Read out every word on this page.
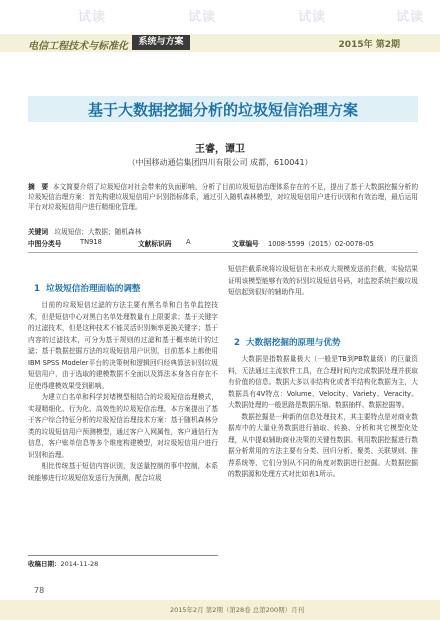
试读	试读	试读	试读
电信工程技术与标准化	系统与方案	2015年 第2期
基于大数据挖掘分析的垃圾短信治理方案
王睿，谭卫
（中国移动通信集团四川有限公司 成都，610041）
摘　要 本文简要介绍了垃圾短信对社会带来的负面影响，分析了目前垃圾短信治理体系存在的不足，提出了基于大数据挖掘分析的垃圾短信治理方案：首先构建垃圾短信用户识别指标体系，通过引入随机森林模型，对垃圾短信用户进行识别和有效治理，最后运用平台对垃圾短信用户进行精细化管理。
关键词 垃圾短信；大数据；随机森林
中图分类号	TN918	文献标识码 A	文章编号 1008-5599（2015）02-0078-05
1 垃圾短信治理面临的调整

目前的垃圾短信过滤的方法主要有黑名单和白名单监控技术，但是短信中心对黑白名单处理数量有上限要求；基于关键字的过滤技术，但是这种技术不能灵活识别频率更换关键字；基于内容的过滤技术，可分为基于规则的过滤和基于概率统计的过滤；基于数据挖掘方法的垃圾短信用户识别，目前基本上都使用IBM SPSS Modeler平台的决策树和逻辑回归经典算法识别垃圾短信用户，由于选取的建模数据不全面以及算法本身各自存在不足使得建模效果受到影响。

为建立白名单和科学封堵模型相结合的垃圾短信治理模式，实现精细化、行为化、高效性的垃圾短信治理，本方案提出了基于客户综合特征分析的垃圾短信治理技术方案：基于随机森林分类的垃圾短信用户预测模型，通过客户入网属性，客户通信行为信息，客户账单信息等多个维度构建模型，对垃圾短信用户进行识别和治理。

相比传统基于短信内容识别，发送量控制的事中控制，本系统能够进行垃圾短信发送行为预测，配合垃圾

收稿日期：2014-11-28
78

短信拦截系统将垃圾短信在未形成大规模发送前拦截，实验结果证明该模型能够有效的识别垃圾短信号码，对监控系统拦截垃圾短信起到很好的辅助作用。

2 大数据挖掘的原理与优势

大数据是指数据量极大（一般是TB到PB数量级）的巨量资料，无法通过主流软件工具，在合理时间内完成数据处理并获取有价值的信息。数据大多以非结构化或者半结构化数据为主，大数据具有4V特点：Volume、Velocity、Variety、Veracity。大数据处理的一般思路是数据压缩、数据抽样、数据挖掘等。

数据挖掘是一种新的信息处理技术，其主要特点是对商业数据库中的大量业务数据进行抽取、转换、分析和其它模型化处理，从中提取辅助商业决策的关键性数据。利用数据挖掘进行数据分析常用的方法主要有分类、回归分析、聚类、关联规则、推荐系统等，它们分别从不同的角度对数据进行挖掘。大数据挖掘的数据源和处理方式对比如表1所示。

2015年2月 第2期（第28卷 总第200期）月刊
